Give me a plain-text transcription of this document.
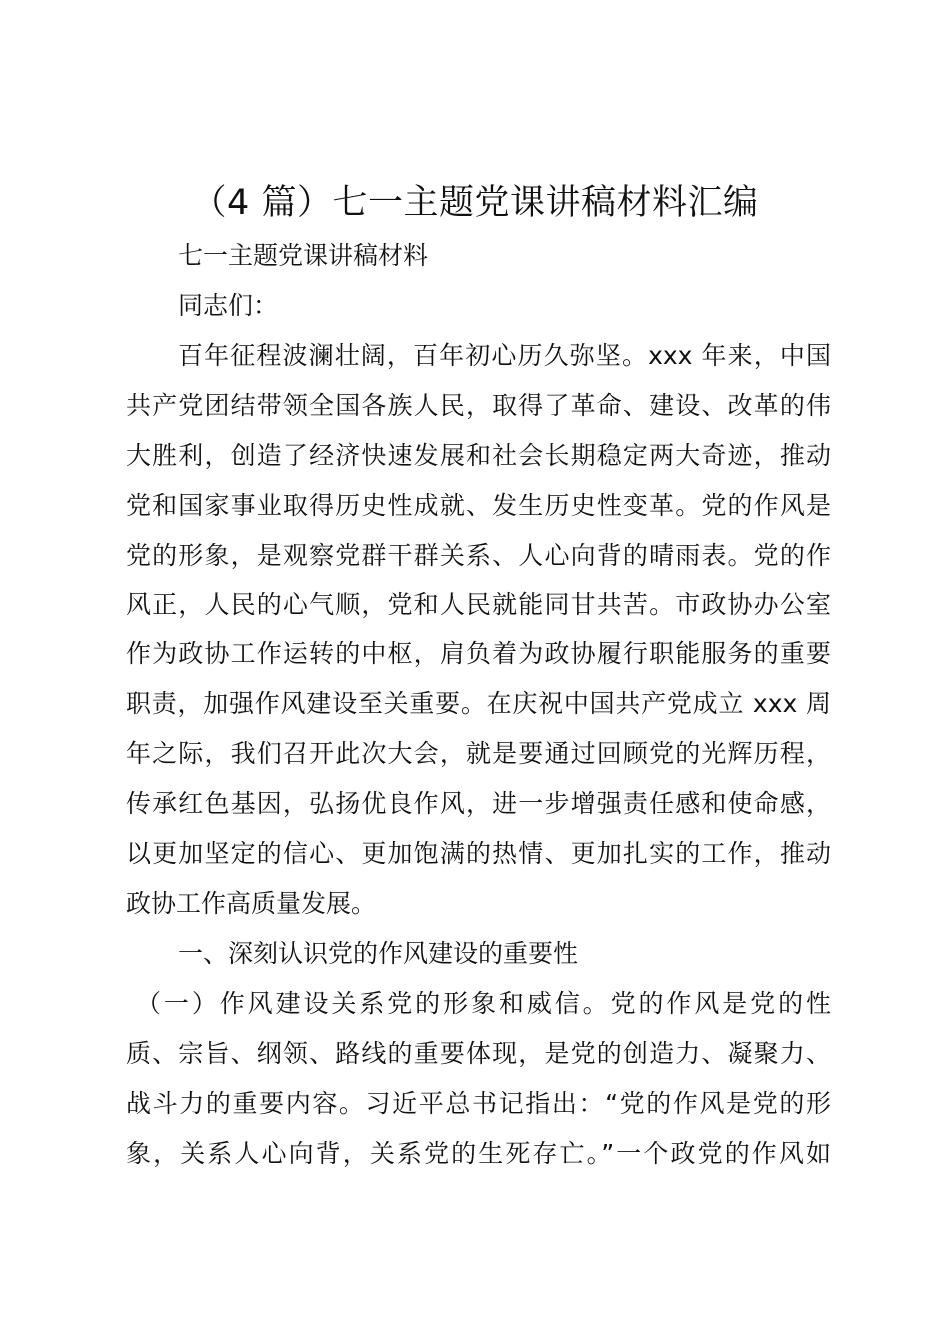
（4 篇）七一主题党课讲稿材料汇编
七一主题党课讲稿材料
同志们：
百年征程波澜壮阔，百年初心历久弥坚。xxx 年来，中国
共产党团结带领全国各族人民，取得了革命、建设、改革的伟
大胜利，创造了经济快速发展和社会长期稳定两大奇迹，推动
党和国家事业取得历史性成就、发生历史性变革。党的作风是
党的形象，是观察党群干群关系、人心向背的晴雨表。党的作
风正，人民的心气顺，党和人民就能同甘共苦。市政协办公室
作为政协工作运转的中枢，肩负着为政协履行职能服务的重要
职责，加强作风建设至关重要。在庆祝中国共产党成立 xxx 周
年之际，我们召开此次大会，就是要通过回顾党的光辉历程，
传承红色基因，弘扬优良作风，进一步增强责任感和使命感，
以更加坚定的信心、更加饱满的热情、更加扎实的工作，推动
政协工作高质量发展。
一、深刻认识党的作风建设的重要性
（一）作风建设关系党的形象和威信。党的作风是党的性
质、宗旨、纲领、路线的重要体现，是党的创造力、凝聚力、
战斗力的重要内容。习近平总书记指出：“党的作风是党的形
象，关系人心向背，关系党的生死存亡。”一个政党的作风如
